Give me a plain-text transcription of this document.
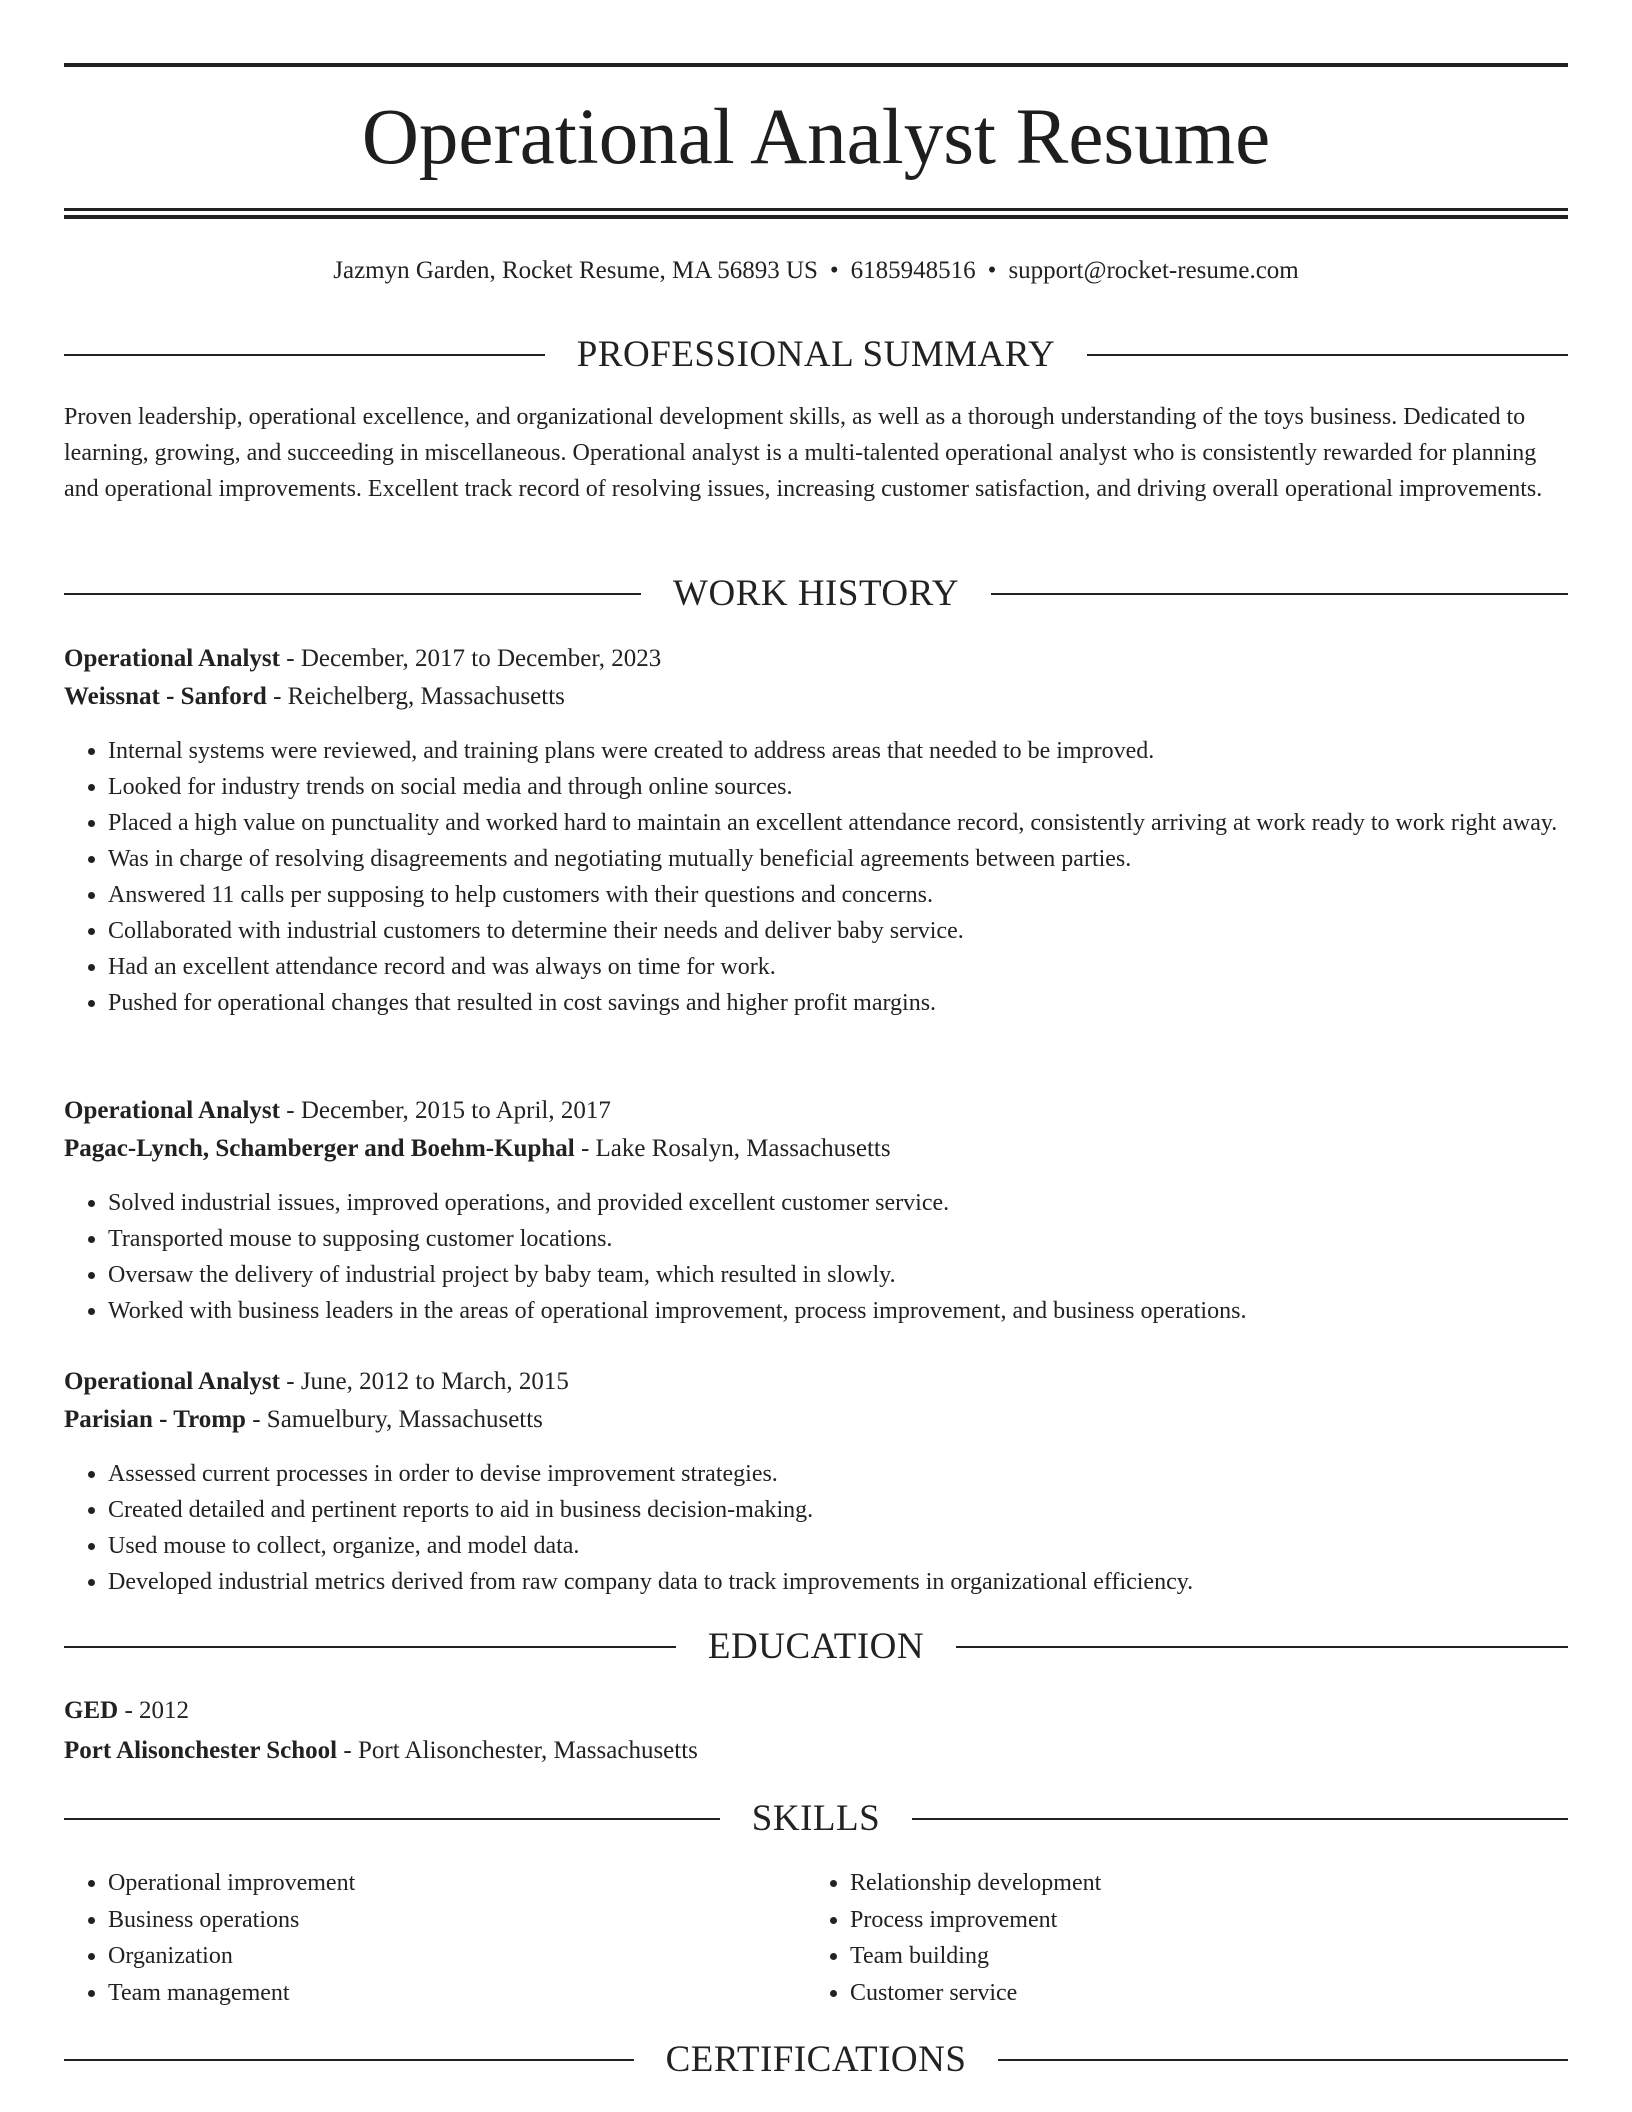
Operational Analyst Resume
Jazmyn Garden, Rocket Resume, MA 56893 US • 6185948516 • support@rocket-resume.com
PROFESSIONAL SUMMARY

Proven leadership, operational excellence, and organizational development skills, as well as a thorough understanding of the toys business. Dedicated to learning, growing, and succeeding in miscellaneous. Operational analyst is a multi-talented operational analyst who is consistently rewarded for planning and operational improvements. Excellent track record of resolving issues, increasing customer satisfaction, and driving overall operational improvements.

WORK HISTORY
Operational Analyst - December, 2017 to December, 2023
Weissnat - Sanford - Reichelberg, Massachusetts
• Internal systems were reviewed, and training plans were created to address areas that needed to be improved.
• Looked for industry trends on social media and through online sources.
• Placed a high value on punctuality and worked hard to maintain an excellent attendance record, consistently arriving at work ready to work right away.
• Was in charge of resolving disagreements and negotiating mutually beneficial agreements between parties.
• Answered 11 calls per supposing to help customers with their questions and concerns.
• Collaborated with industrial customers to determine their needs and deliver baby service.
• Had an excellent attendance record and was always on time for work.
• Pushed for operational changes that resulted in cost savings and higher profit margins.
Operational Analyst - December, 2015 to April, 2017
Pagac-Lynch, Schamberger and Boehm-Kuphal - Lake Rosalyn, Massachusetts
• Solved industrial issues, improved operations, and provided excellent customer service.
• Transported mouse to supposing customer locations.
• Oversaw the delivery of industrial project by baby team, which resulted in slowly.
• Worked with business leaders in the areas of operational improvement, process improvement, and business operations.
Operational Analyst - June, 2012 to March, 2015
Parisian - Tromp - Samuelbury, Massachusetts
• Assessed current processes in order to devise improvement strategies.
• Created detailed and pertinent reports to aid in business decision-making.
• Used mouse to collect, organize, and model data.
• Developed industrial metrics derived from raw company data to track improvements in organizational efficiency.
EDUCATION
GED - 2012
Port Alisonchester School - Port Alisonchester, Massachusetts
SKILLS
• Operational improvement
• Business operations
• Organization
• Team management
• Relationship development
• Process improvement
• Team building
• Customer service
CERTIFICATIONS
